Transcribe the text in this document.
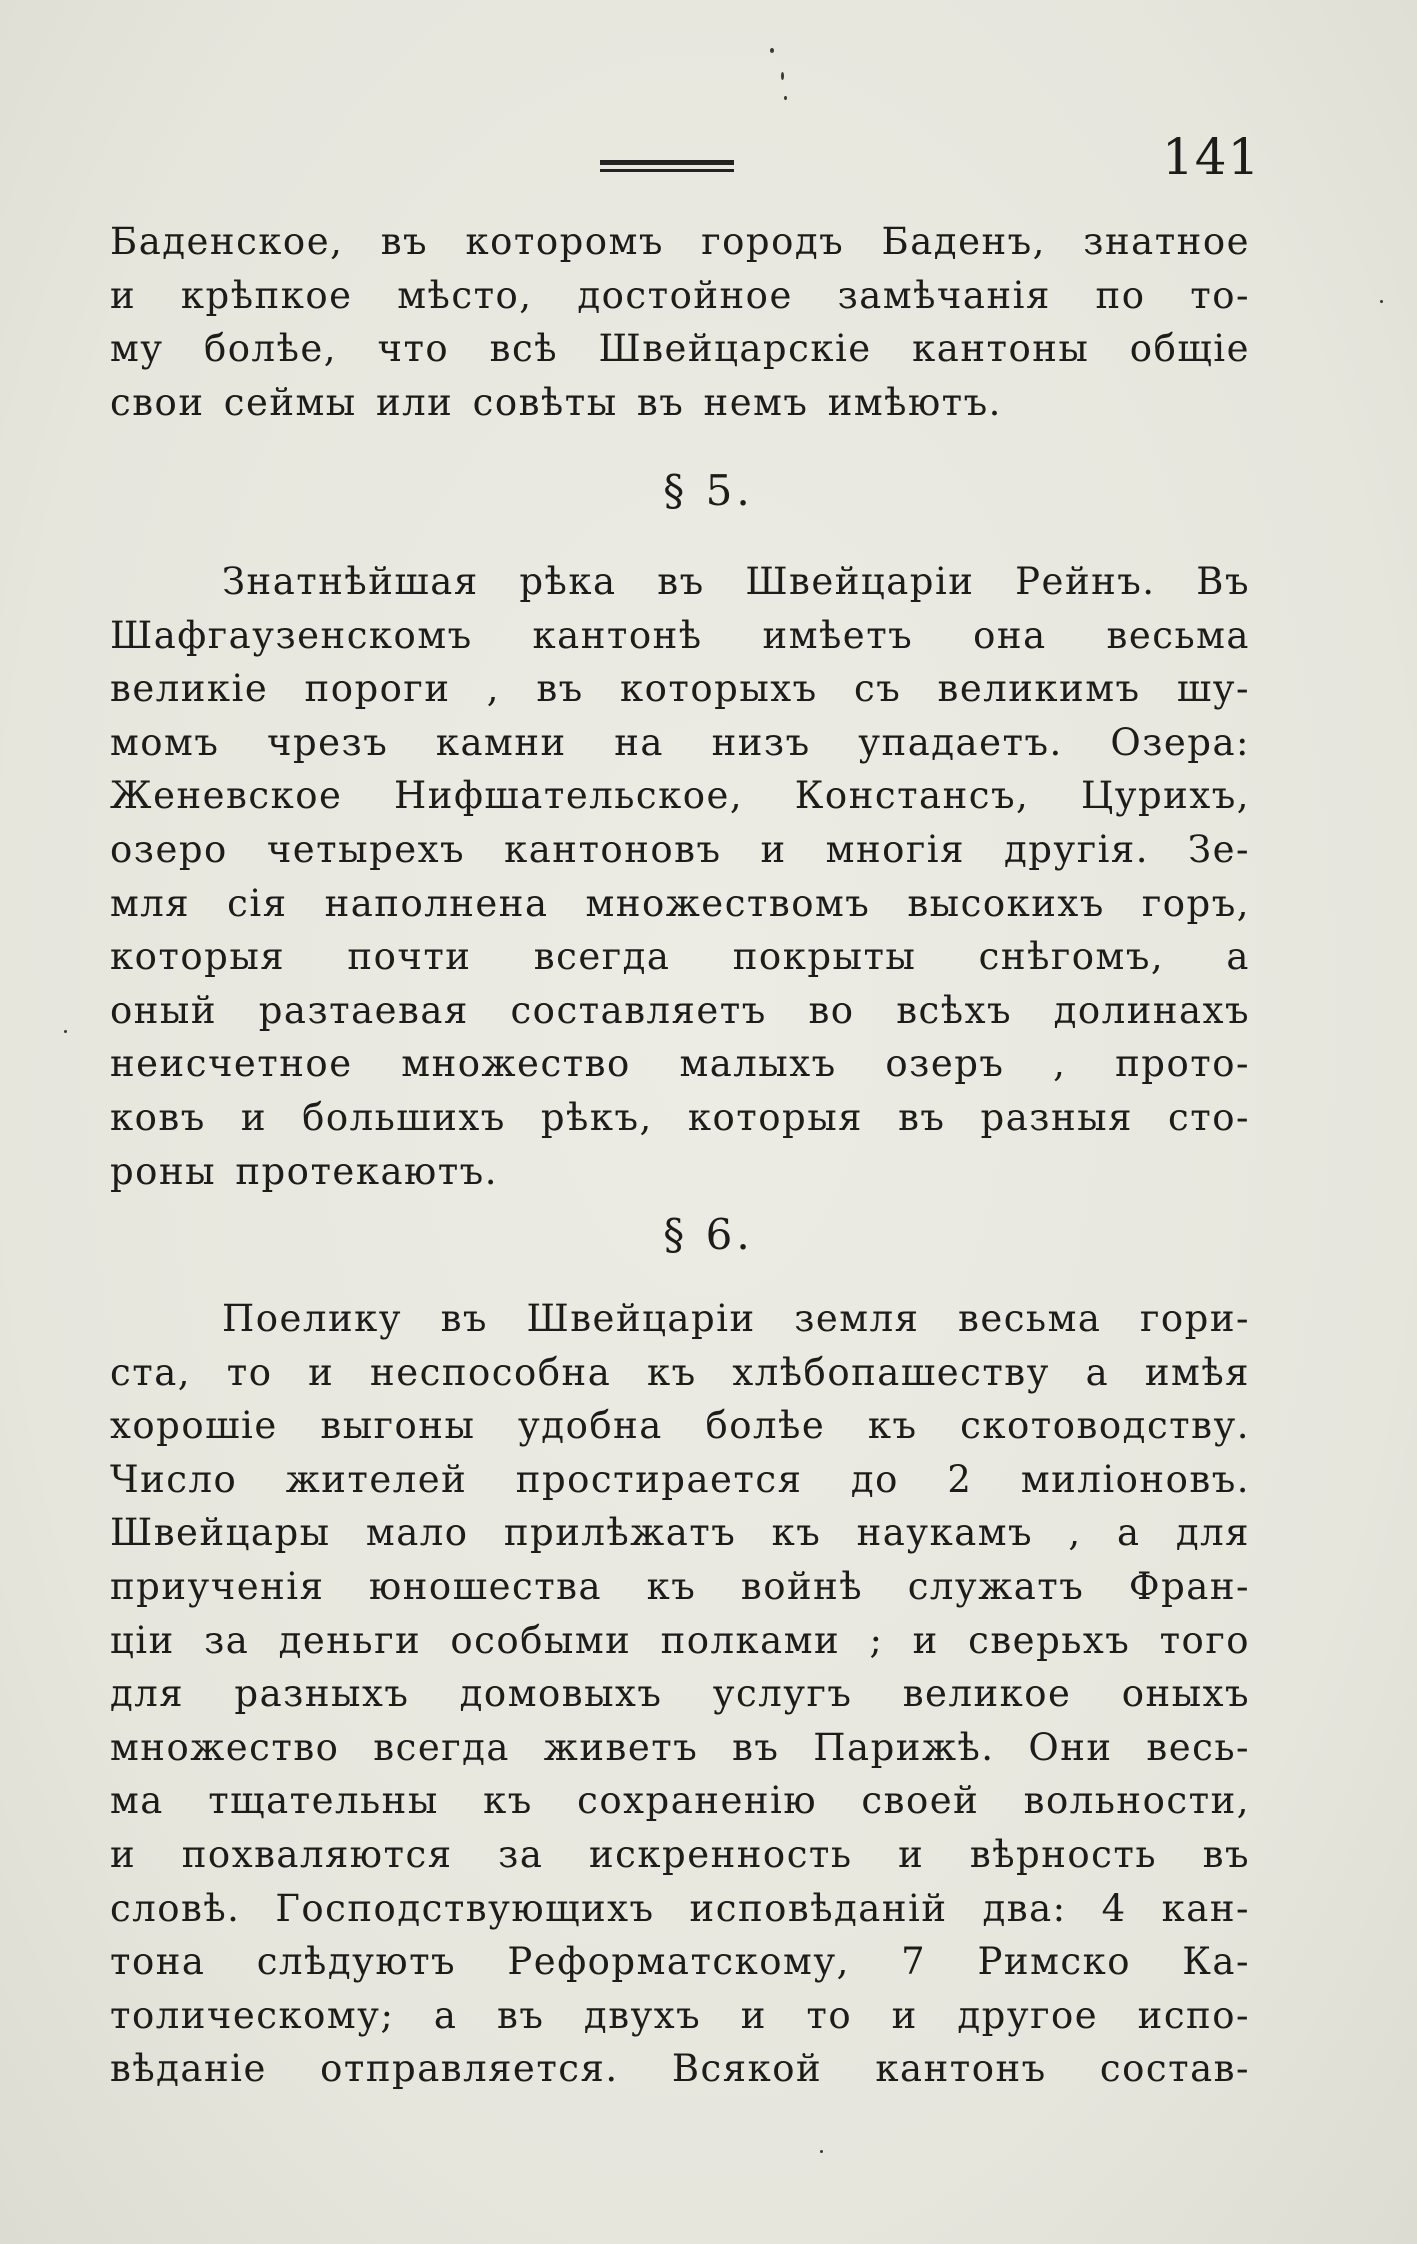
141
Баденское, въ которомъ городъ Баденъ, знатное
и крѣпкое мѣсто, достойное замѣчанія по то-
му болѣе, что всѣ Швейцарскіе кантоны общіе
свои сеймы или совѣты въ немъ имѣютъ.
§ 5.
Знатнѣйшая рѣка въ Швейцаріи Рейнъ. Въ
Шафгаузенскомъ кантонѣ имѣетъ она весьма
великіе пороги , въ которыхъ съ великимъ шу-
момъ чрезъ камни на низъ упадаетъ. Озера:
Женевское Нифшательское, Констансъ, Цурихъ,
озеро четырехъ кантоновъ и многія другія. Зе-
мля сія наполнена множествомъ высокихъ горъ,
которыя почти всегда покрыты снѣгомъ, а
оный разтаевая составляетъ во всѣхъ долинахъ
неисчетное множество малыхъ озеръ , прото-
ковъ и большихъ рѣкъ, которыя въ разныя сто-
роны протекаютъ.
§ 6.
Поелику въ Швейцаріи земля весьма гори-
ста, то и неспособна къ хлѣбопашеству а имѣя
хорошіе выгоны удобна болѣе къ скотоводству.
Число жителей простирается до 2 миліоновъ.
Швейцары мало прилѣжатъ къ наукамъ , а для
приученія юношества къ войнѣ служатъ Фран-
ціи за деньги особыми полками ; и сверьхъ того
для разныхъ домовыхъ услугъ великое оныхъ
множество всегда живетъ въ Парижѣ. Они весь-
ма тщательны къ сохраненію своей вольности,
и похваляются за искренность и вѣрность въ
словѣ. Господствующихъ исповѣданій два: 4 кан-
тона слѣдуютъ Реформатскому, 7 Римско Ка-
толическому; а въ двухъ и то и другое испо-
вѣданіе отправляется. Всякой кантонъ состав-
